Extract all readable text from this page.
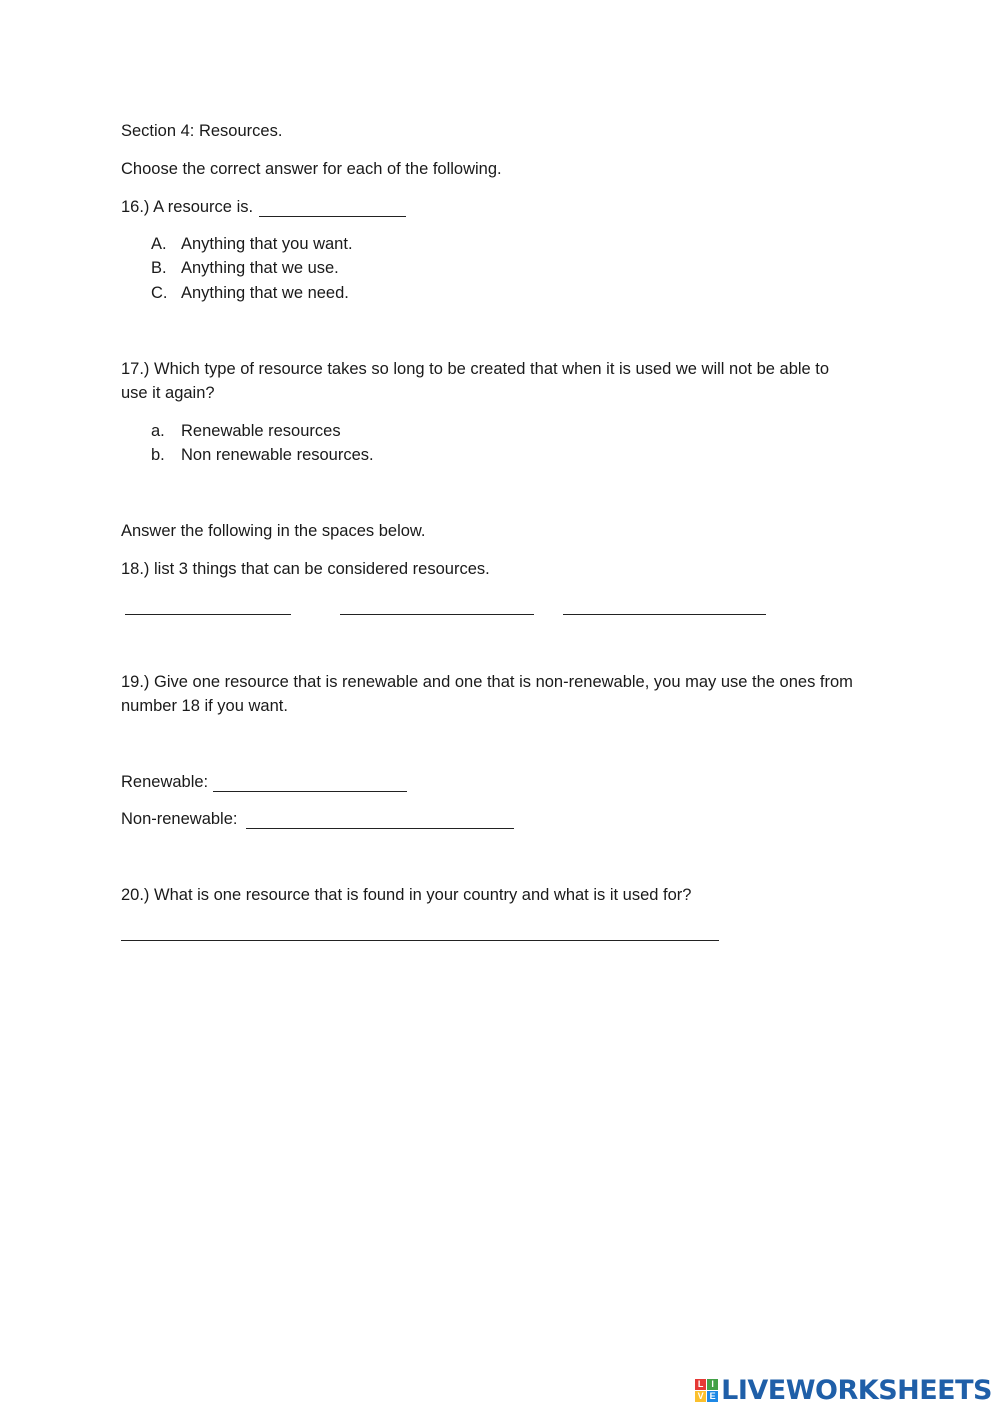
Section 4: Resources.
Choose the correct answer for each of the following.
16.) A resource is.
A. Anything that you want.
B. Anything that we use.
C. Anything that we need.
17.) Which type of resource takes so long to be created that when it is used we will not be able to
use it again?
a. Renewable resources
b. Non renewable resources.
Answer the following in the spaces below.
18.) list 3 things that can be considered resources.
19.) Give one resource that is renewable and one that is non-renewable, you may use the ones from
number 18 if you want.
Renewable:
Non-renewable:
20.) What is one resource that is found in your country and what is it used for?
L I
V E LIVEWORKSHEETS
